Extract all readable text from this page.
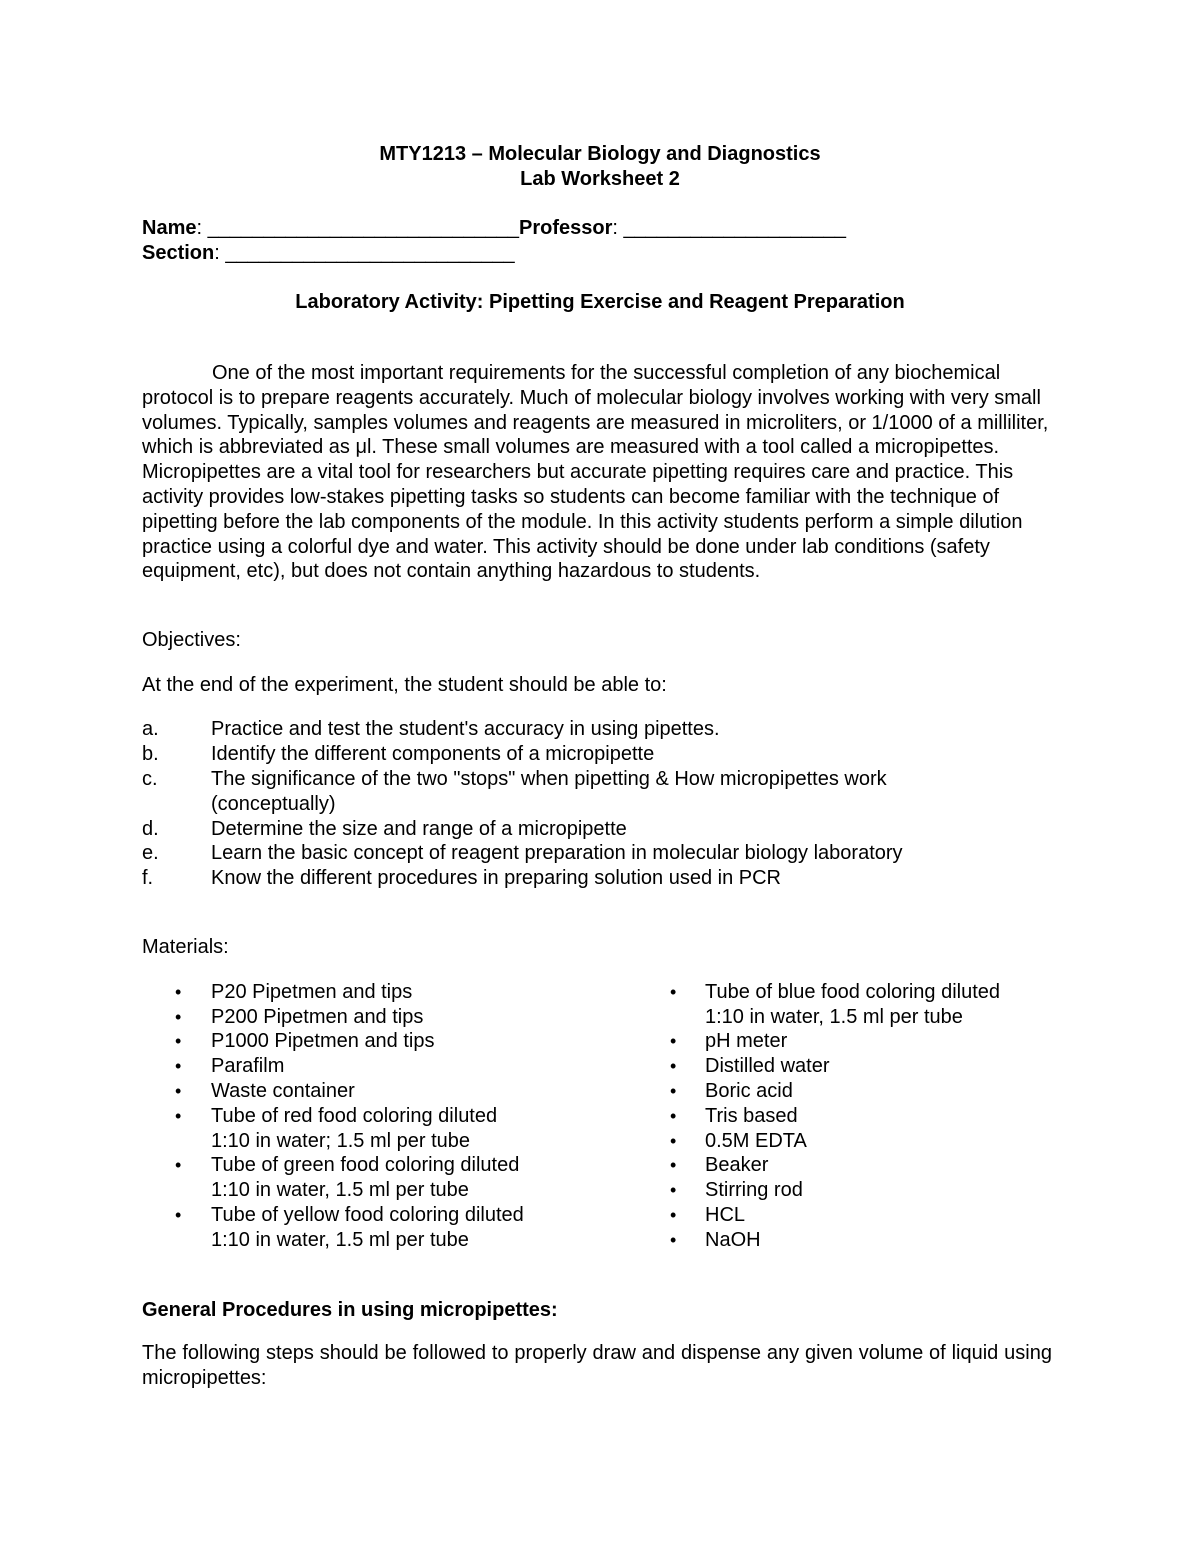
MTY1213 – Molecular Biology and Diagnostics
Lab Worksheet 2
Name: ____________________________Professor: ____________________
Section: __________________________
Laboratory Activity: Pipetting Exercise and Reagent Preparation
One of the most important requirements for the successful completion of any biochemical protocol is to prepare reagents accurately. Much of molecular biology involves working with very small volumes. Typically, samples volumes and reagents are measured in microliters, or 1/1000 of a milliliter, which is abbreviated as μl. These small volumes are measured with a tool called a micropipettes. Micropipettes are a vital tool for researchers but accurate pipetting requires care and practice. This activity provides low-stakes pipetting tasks so students can become familiar with the technique of pipetting before the lab components of the module. In this activity students perform a simple dilution practice using a colorful dye and water. This activity should be done under lab conditions (safety equipment, etc), but does not contain anything hazardous to students.
Objectives:
At the end of the experiment, the student should be able to:
a.	Practice and test the student's accuracy in using pipettes.
b.	Identify the different components of a micropipette
c.	The significance of the two "stops" when pipetting & How micropipettes work
(conceptually)
d.	Determine the size and range of a micropipette
e.	Learn the basic concept of reagent preparation in molecular biology laboratory
f.	Know the different procedures in preparing solution used in PCR
Materials:
• P20 Pipetmen and tips
• P200 Pipetmen and tips
• P1000 Pipetmen and tips
• Parafilm
• Waste container
• Tube of red food coloring diluted
1:10 in water; 1.5 ml per tube
• Tube of green food coloring diluted
1:10 in water, 1.5 ml per tube
• Tube of yellow food coloring diluted
1:10 in water, 1.5 ml per tube
• Tube of blue food coloring diluted
1:10 in water, 1.5 ml per tube
• pH meter
• Distilled water
• Boric acid
• Tris based
• 0.5M EDTA
• Beaker
• Stirring rod
• HCL
• NaOH
General Procedures in using micropipettes:
The following steps should be followed to properly draw and dispense any given volume of liquid using micropipettes:
